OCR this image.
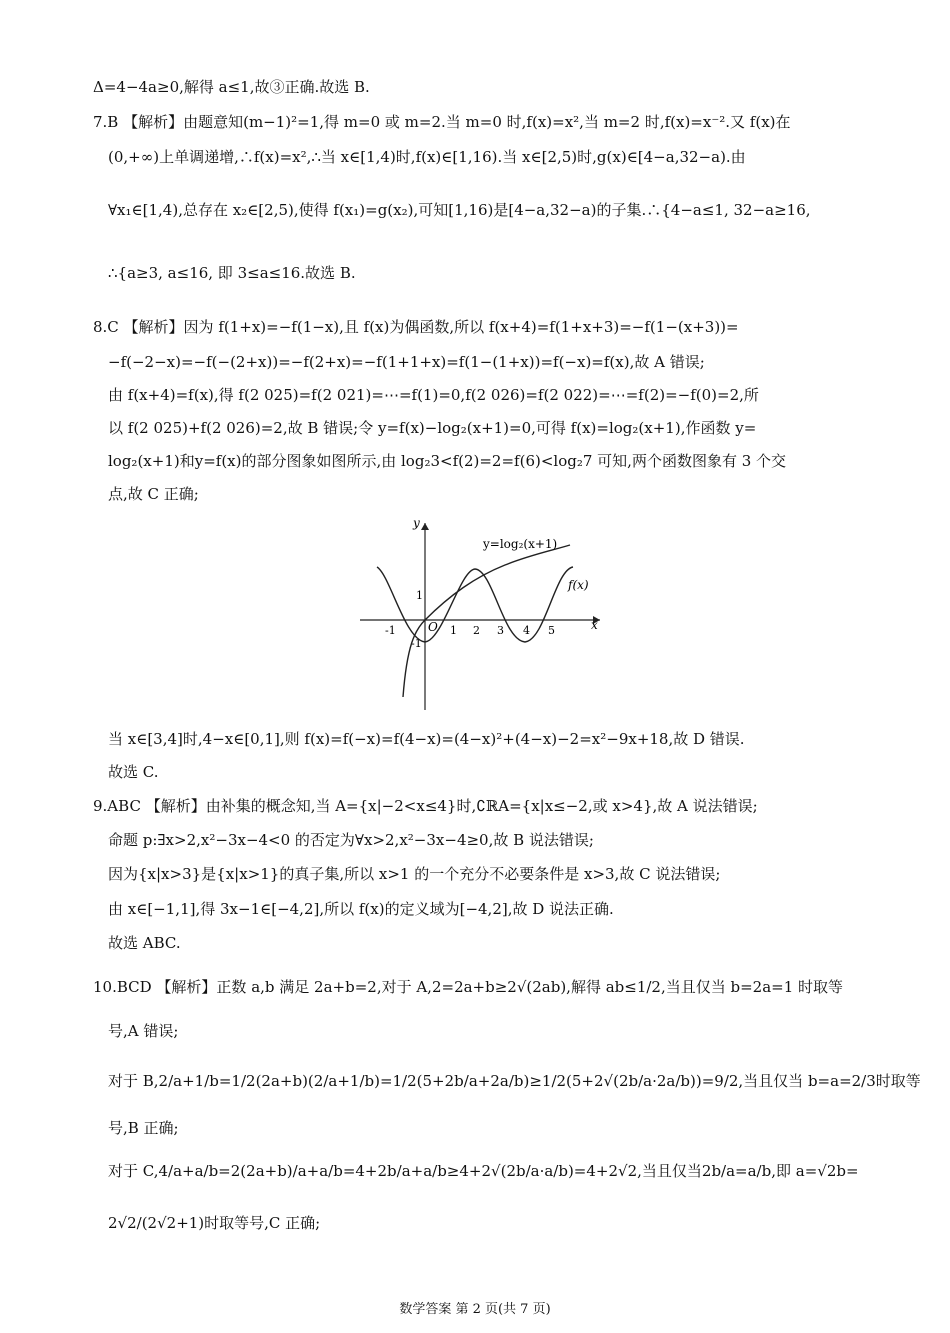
Δ=4−4a≥0,解得 a≤1,故③正确.故选 B.
7.B 【解析】由题意知(m−1)²=1,得 m=0 或 m=2.当 m=0 时,f(x)=x²,当 m=2 时,f(x)=x⁻².又 f(x)在
(0,+∞)上单调递增,∴f(x)=x²,∴当 x∈[1,4)时,f(x)∈[1,16).当 x∈[2,5)时,g(x)∈[4−a,32−a).由
∀x₁∈[1,4),总存在 x₂∈[2,5),使得 f(x₁)=g(x₂),可知[1,16)是[4−a,32−a)的子集.∴{4−a≤1, 32−a≥16,
∴{a≥3, a≤16, 即 3≤a≤16.故选 B.
8.C 【解析】因为 f(1+x)=−f(1−x),且 f(x)为偶函数,所以 f(x+4)=f(1+x+3)=−f(1−(x+3))=
−f(−2−x)=−f(−(2+x))=−f(2+x)=−f(1+1+x)=f(1−(1+x))=f(−x)=f(x),故 A 错误;
由 f(x+4)=f(x),得 f(2 025)=f(2 021)=⋯=f(1)=0,f(2 026)=f(2 022)=⋯=f(2)=−f(0)=2,所
以 f(2 025)+f(2 026)=2,故 B 错误;令 y=f(x)−log₂(x+1)=0,可得 f(x)=log₂(x+1),作函数 y=
log₂(x+1)和y=f(x)的部分图象如图所示,由 log₂3<f(2)=2=f(6)<log₂7 可知,两个函数图象有 3 个交
点,故 C 正确;
y
x
O
-1	1 2 3 4 5
1
-1
y=log₂(x+1)
f(x)
当 x∈[3,4]时,4−x∈[0,1],则 f(x)=f(−x)=f(4−x)=(4−x)²+(4−x)−2=x²−9x+18,故 D 错误.
故选 C.
9.ABC 【解析】由补集的概念知,当 A={x|−2<x≤4}时,∁ℝA={x|x≤−2,或 x>4},故 A 说法错误;
命题 p:∃x>2,x²−3x−4<0 的否定为∀x>2,x²−3x−4≥0,故 B 说法错误;
因为{x|x>3}是{x|x>1}的真子集,所以 x>1 的一个充分不必要条件是 x>3,故 C 说法错误;
由 x∈[−1,1],得 3x−1∈[−4,2],所以 f(x)的定义域为[−4,2],故 D 说法正确.
故选 ABC.
10.BCD 【解析】正数 a,b 满足 2a+b=2,对于 A,2=2a+b≥2√(2ab),解得 ab≤1/2,当且仅当 b=2a=1 时取等
号,A 错误;
对于 B,2/a+1/b=1/2(2a+b)(2/a+1/b)=1/2(5+2b/a+2a/b)≥1/2(5+2√(2b/a·2a/b))=9/2,当且仅当 b=a=2/3时取等
号,B 正确;
对于 C,4/a+a/b=2(2a+b)/a+a/b=4+2b/a+a/b≥4+2√(2b/a·a/b)=4+2√2,当且仅当2b/a=a/b,即 a=√2b=
2√2/(2√2+1)时取等号,C 正确;
数学答案 第 2 页(共 7 页)
